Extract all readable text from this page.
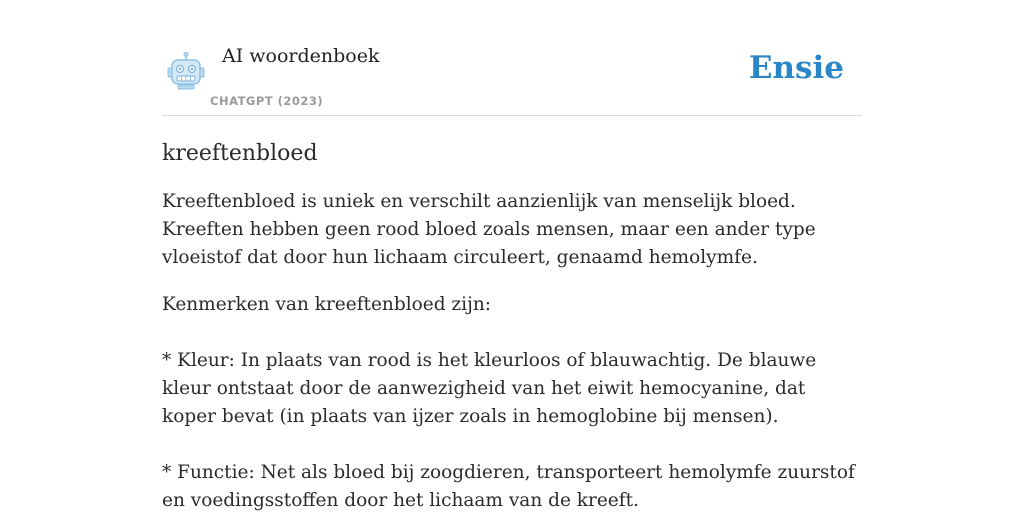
AI woordenboek
CHATGPT (2023)
Ensie
kreeftenbloed

Kreeftenbloed is uniek en verschilt aanzienlijk van menselijk bloed. Kreeften hebben geen rood bloed zoals mensen, maar een ander type vloeistof dat door hun lichaam circuleert, genaamd hemolymfe.

Kenmerken van kreeftenbloed zijn:

* Kleur: In plaats van rood is het kleurloos of blauwachtig. De blauwe kleur ontstaat door de aanwezigheid van het eiwit hemocyanine, dat koper bevat (in plaats van ijzer zoals in hemoglobine bij mensen).

* Functie: Net als bloed bij zoogdieren, transporteert hemolymfe zuurstof en voedingsstoffen door het lichaam van de kreeft.
